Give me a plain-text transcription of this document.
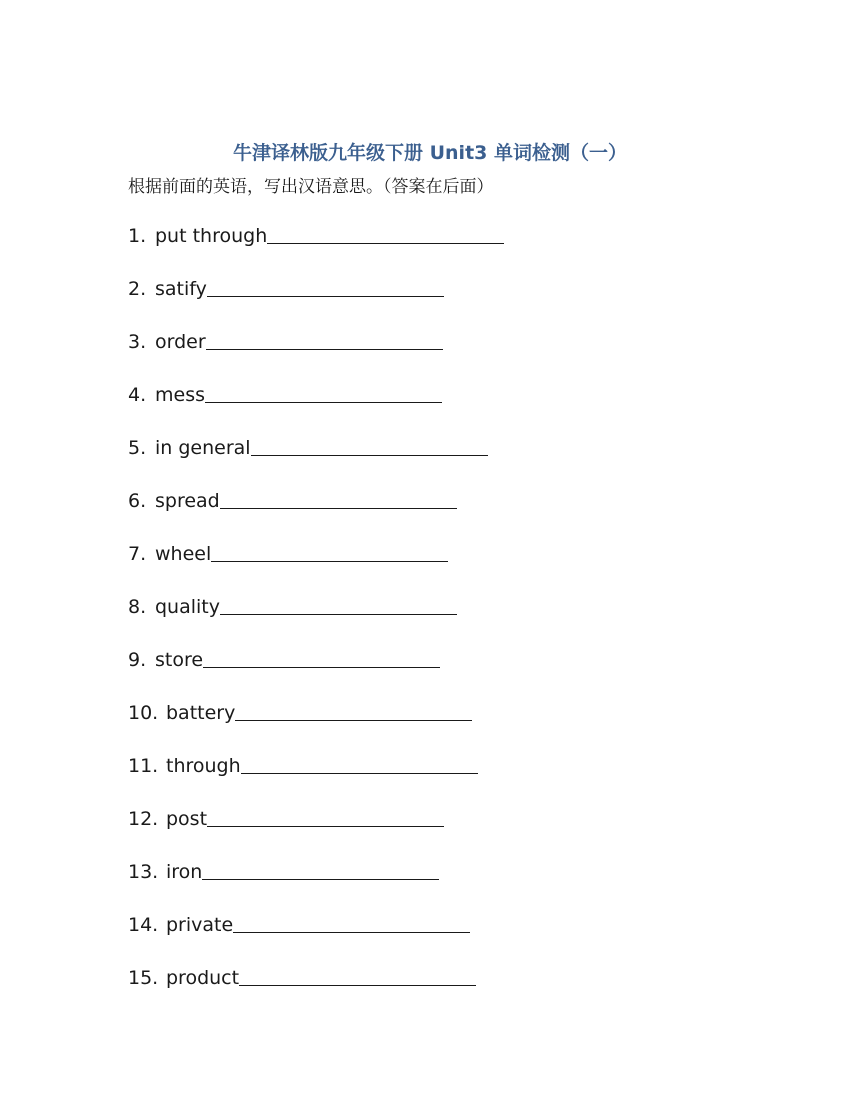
牛津译林版九年级下册 Unit3 单词检测（一）
根据前面的英语，写出汉语意思。（答案在后面）
1. put through
2. satify
3. order
4. mess
5. in general
6. spread
7. wheel
8. quality
9. store
10. battery
11. through
12. post
13. iron
14. private
15. product
